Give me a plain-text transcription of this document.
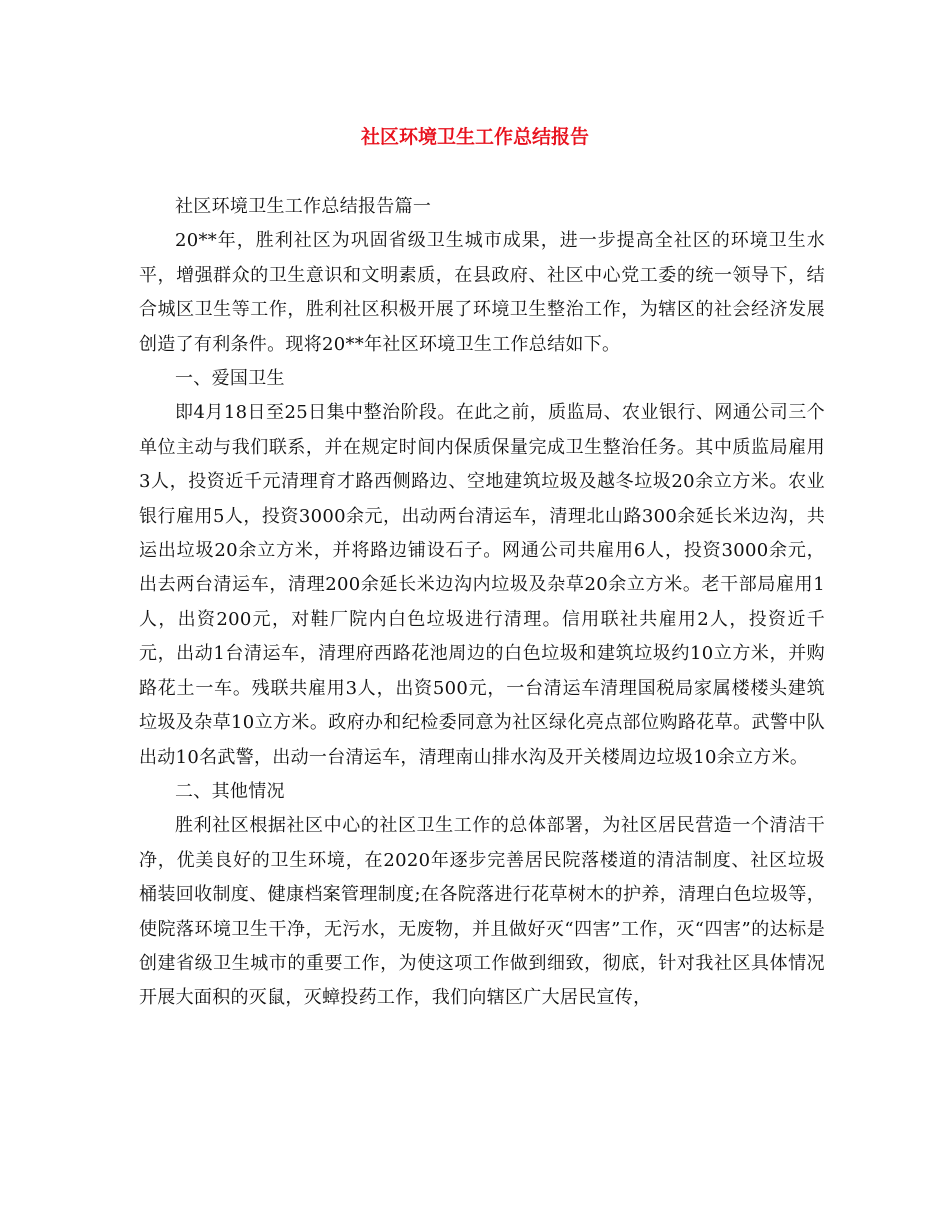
社区环境卫生工作总结报告

社区环境卫生工作总结报告篇一

20**年，胜利社区为巩固省级卫生城市成果，进一步提高全社区的环境卫生水平，增强群众的卫生意识和文明素质，在县政府、社区中心党工委的统一领导下，结合城区卫生等工作，胜利社区积极开展了环境卫生整治工作，为辖区的社会经济发展创造了有利条件。现将20**年社区环境卫生工作总结如下。

一、爱国卫生

即4月18日至25日集中整治阶段。在此之前，质监局、农业银行、网通公司三个单位主动与我们联系，并在规定时间内保质保量完成卫生整治任务。其中质监局雇用3人，投资近千元清理育才路西侧路边、空地建筑垃圾及越冬垃圾20余立方米。农业银行雇用5人，投资3000余元，出动两台清运车，清理北山路300余延长米边沟，共运出垃圾20余立方米，并将路边铺设石子。网通公司共雇用6人，投资3000余元，出去两台清运车，清理200余延长米边沟内垃圾及杂草20余立方米。老干部局雇用1人，出资200元，对鞋厂院内白色垃圾进行清理。信用联社共雇用2人，投资近千元，出动1台清运车，清理府西路花池周边的白色垃圾和建筑垃圾约10立方米，并购路花土一车。残联共雇用3人，出资500元，一台清运车清理国税局家属楼楼头建筑垃圾及杂草10立方米。政府办和纪检委同意为社区绿化亮点部位购路花草。武警中队出动10名武警，出动一台清运车，清理南山排水沟及开关楼周边垃圾10余立方米。

二、其他情况

胜利社区根据社区中心的社区卫生工作的总体部署，为社区居民营造一个清洁干净，优美良好的卫生环境，在2020年逐步完善居民院落楼道的清洁制度、社区垃圾桶装回收制度、健康档案管理制度;在各院落进行花草树木的护养，清理白色垃圾等，使院落环境卫生干净，无污水，无废物，并且做好灭“四害”工作，灭“四害”的达标是创建省级卫生城市的重要工作，为使这项工作做到细致，彻底，针对我社区具体情况开展大面积的灭鼠，灭蟑投药工作，我们向辖区广大居民宣传，
